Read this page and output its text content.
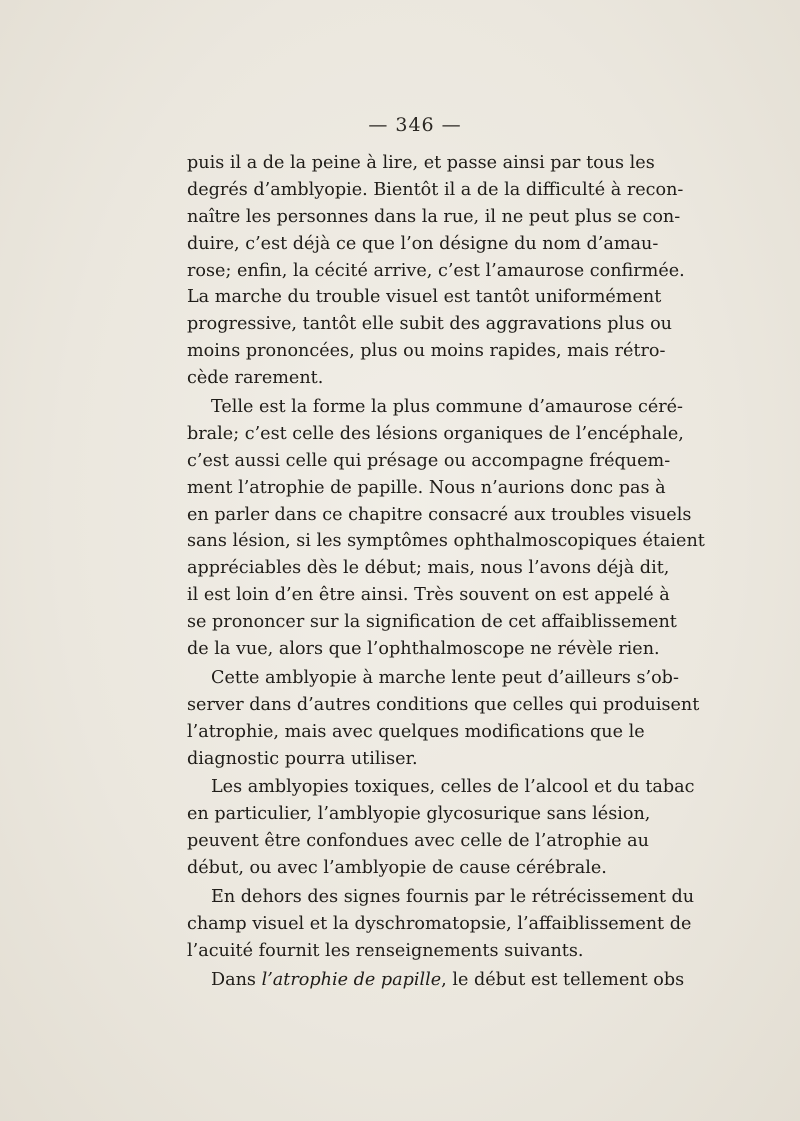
— 346 —
puis il a de la peine à lire, et passe ainsi par tous les
degrés d’amblyopie. Bientôt il a de la difficulté à recon-
naître les personnes dans la rue, il ne peut plus se con-
duire, c’est déjà ce que l’on désigne du nom d’amau-
rose; enfin, la cécité arrive, c’est l’amaurose confirmée.
La marche du trouble visuel est tantôt uniformément
progressive, tantôt elle subit des aggravations plus ou
moins prononcées, plus ou moins rapides, mais rétro-
cède rarement.
Telle est la forme la plus commune d’amaurose céré-
brale; c’est celle des lésions organiques de l’encéphale,
c’est aussi celle qui présage ou accompagne fréquem-
ment l’atrophie de papille. Nous n’aurions donc pas à
en parler dans ce chapitre consacré aux troubles visuels
sans lésion, si les symptômes ophthalmoscopiques étaient
appréciables dès le début; mais, nous l’avons déjà dit,
il est loin d’en être ainsi. Très souvent on est appelé à
se prononcer sur la signification de cet affaiblissement
de la vue, alors que l’ophthalmoscope ne révèle rien.
Cette amblyopie à marche lente peut d’ailleurs s’ob-
server dans d’autres conditions que celles qui produisent
l’atrophie, mais avec quelques modifications que le
diagnostic pourra utiliser.
Les amblyopies toxiques, celles de l’alcool et du tabac
en particulier, l’amblyopie glycosurique sans lésion,
peuvent être confondues avec celle de l’atrophie au
début, ou avec l’amblyopie de cause cérébrale.
En dehors des signes fournis par le rétrécissement du
champ visuel et la dyschromatopsie, l’affaiblissement de
l’acuité fournit les renseignements suivants.
Dans l’atrophie de papille, le début est tellement obs
